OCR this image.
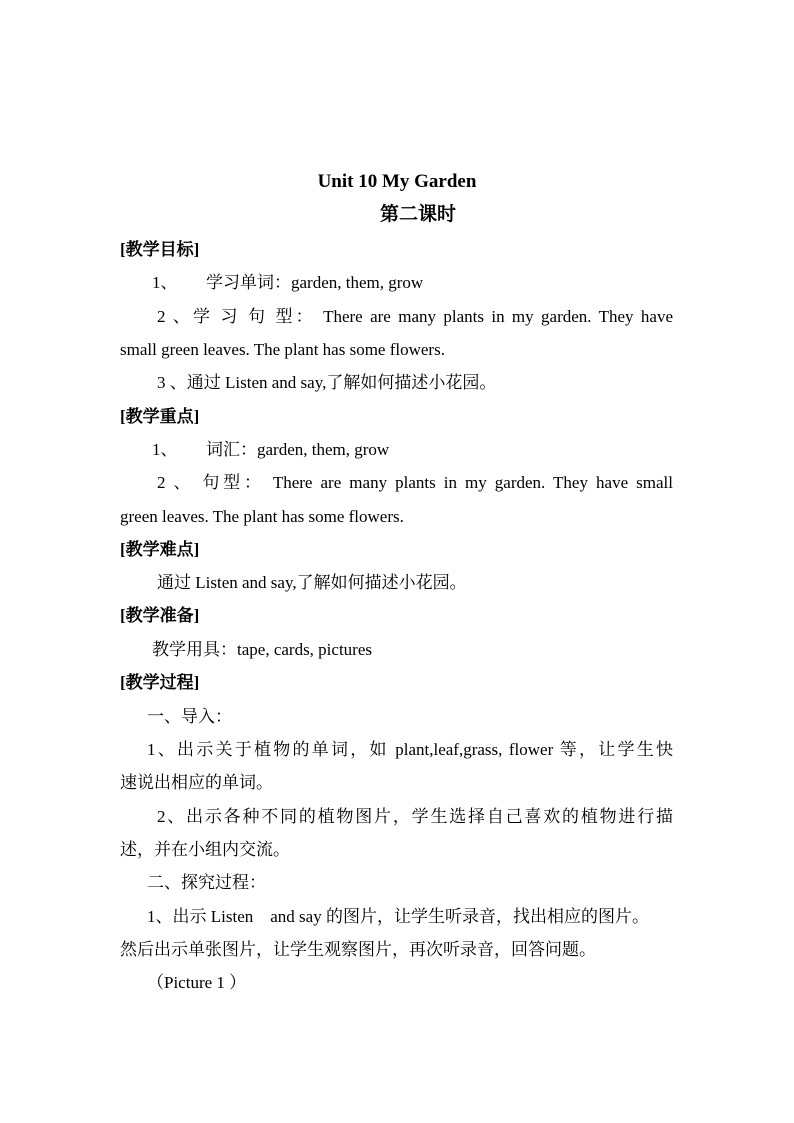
Unit 10 My Garden
第二课时
[教学目标]
1、 学习单词：garden, them, grow
2 、学 习 句 型： There are many plants in my garden. They have
small green leaves. The plant has some flowers.
3 、通过 Listen and say,了解如何描述小花园。
[教学重点]
1、 词汇：garden, them, grow
2 、 句型： There are many plants in my garden. They have small
green leaves. The plant has some flowers.
[教学难点]
通过 Listen and say,了解如何描述小花园。
[教学准备]
教学用具：tape, cards, pictures
[教学过程]
一、导入：
1、出示关于植物的单词，如 plant,leaf,grass, flower 等，让学生快
速说出相应的单词。
2、出示各种不同的植物图片，学生选择自己喜欢的植物进行描
述，并在小组内交流。
二、探究过程：
1、出示 Listen    and say 的图片，让学生听录音，找出相应的图片。
然后出示单张图片，让学生观察图片，再次听录音，回答问题。
（Picture 1 ）
